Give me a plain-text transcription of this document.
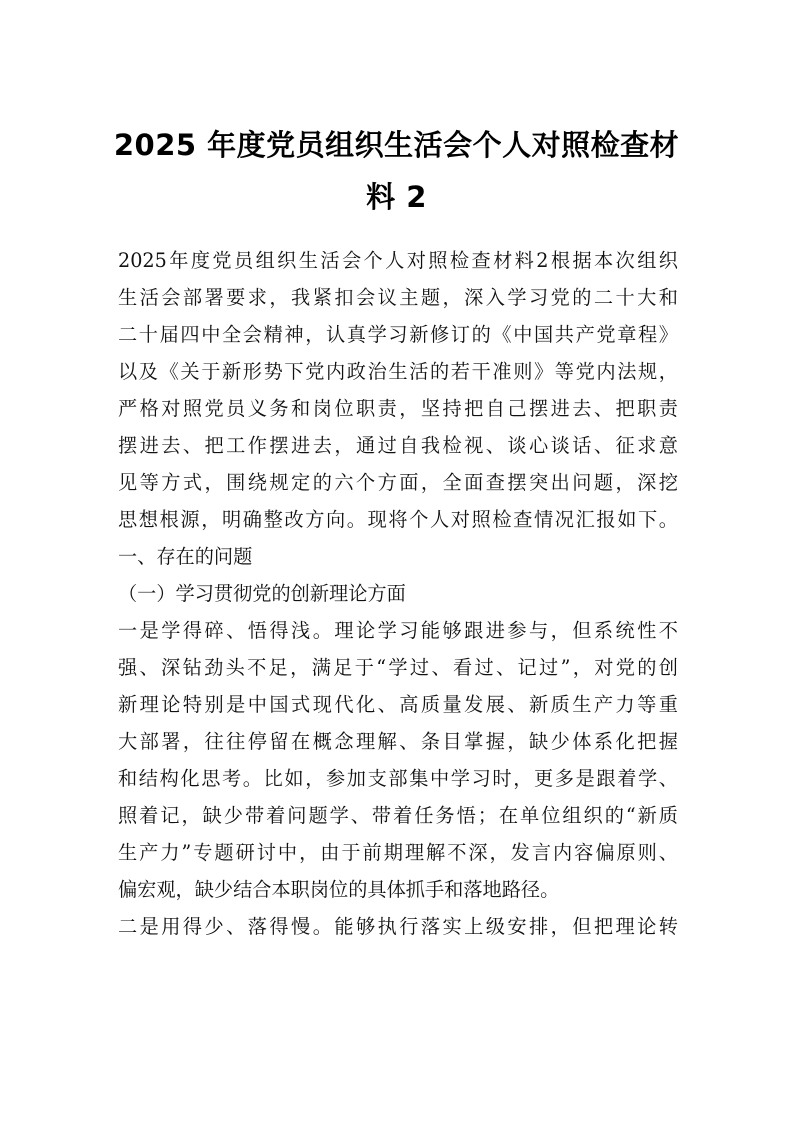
2025 年度党员组织生活会个人对照检查材
料 2
2025年度党员组织生活会个人对照检查材料2根据本次组织
生活会部署要求，我紧扣会议主题，深入学习党的二十大和
二十届四中全会精神，认真学习新修订的《中国共产党章程》
以及《关于新形势下党内政治生活的若干准则》等党内法规，
严格对照党员义务和岗位职责，坚持把自己摆进去、把职责
摆进去、把工作摆进去，通过自我检视、谈心谈话、征求意
见等方式，围绕规定的六个方面，全面查摆突出问题，深挖
思想根源，明确整改方向。现将个人对照检查情况汇报如下。
一、存在的问题
（一）学习贯彻党的创新理论方面
一是学得碎、悟得浅。理论学习能够跟进参与，但系统性不
强、深钻劲头不足，满足于“学过、看过、记过”，对党的创
新理论特别是中国式现代化、高质量发展、新质生产力等重
大部署，往往停留在概念理解、条目掌握，缺少体系化把握
和结构化思考。比如，参加支部集中学习时，更多是跟着学、
照着记，缺少带着问题学、带着任务悟；在单位组织的“新质
生产力”专题研讨中，由于前期理解不深，发言内容偏原则、
偏宏观，缺少结合本职岗位的具体抓手和落地路径。
二是用得少、落得慢。能够执行落实上级安排，但把理论转
